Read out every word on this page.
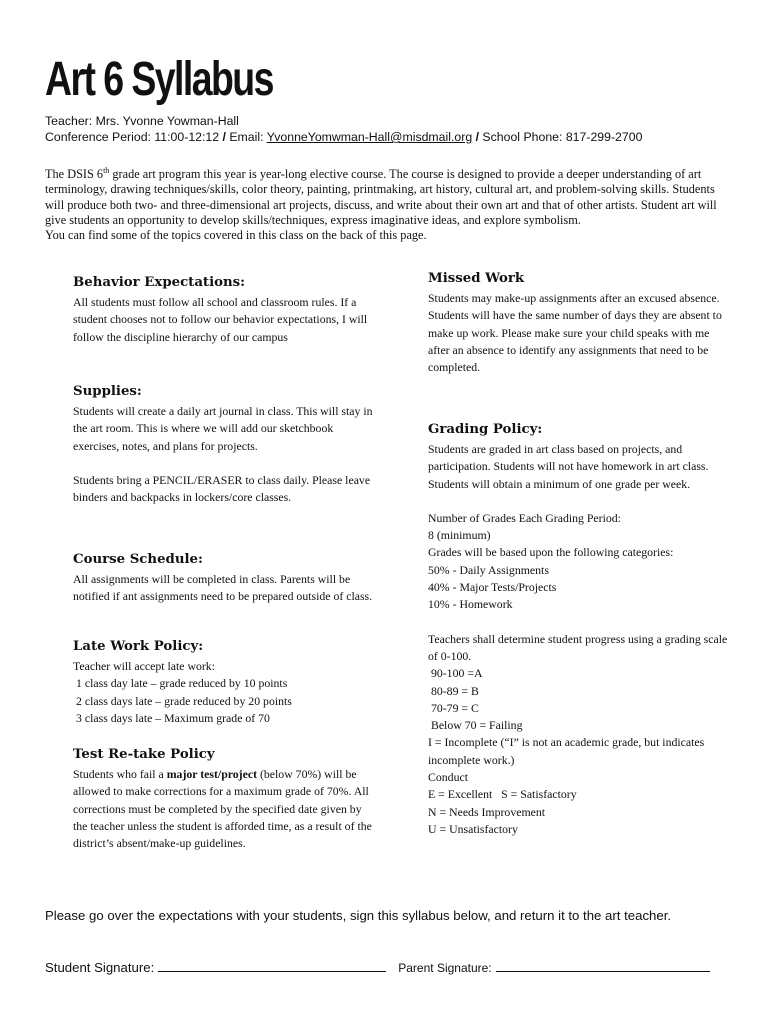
Art 6 Syllabus
Teacher: Mrs. Yvonne Yowman-Hall
Conference Period: 11:00-12:12 / Email: YvonneYomwman-Hall@misdmail.org / School Phone: 817-299-2700
The DSIS 6th grade art program this year is year-long elective course. The course is designed to provide a deeper understanding of art terminology, drawing techniques/skills, color theory, painting, printmaking, art history, cultural art, and problem-solving skills. Students will produce both two- and three-dimensional art projects, discuss, and write about their own art and that of other artists. Student art will give students an opportunity to develop skills/techniques, express imaginative ideas, and explore symbolism.
You can find some of the topics covered in this class on the back of this page.
Behavior Expectations:

All students must follow all school and classroom rules. If a student chooses not to follow our behavior expectations, I will follow the discipline hierarchy of our campus

Supplies:

Students will create a daily art journal in class. This will stay in the art room. This is where we will add our sketchbook exercises, notes, and plans for projects.

Students bring a PENCIL/ERASER to class daily. Please leave binders and backpacks in lockers/core classes.

Course Schedule:

All assignments will be completed in class. Parents will be notified if ant assignments need to be prepared outside of class.

Late Work Policy:

Teacher will accept late work:

1 class day late – grade reduced by 10 points

2 class days late – grade reduced by 20 points

3 class days late – Maximum grade of 70

Test Re-take Policy

Students who fail a major test/project (below 70%) will be allowed to make corrections for a maximum grade of 70%. All corrections must be completed by the specified date given by the teacher unless the student is afforded time, as a result of the district’s absent/make-up guidelines.

Missed Work

Students may make-up assignments after an excused absence. Students will have the same number of days they are absent to make up work. Please make sure your child speaks with me after an absence to identify any assignments that need to be completed.

Grading Policy:

Students are graded in art class based on projects, and participation. Students will not have homework in art class. Students will obtain a minimum of one grade per week.

Number of Grades Each Grading Period:

8 (minimum)

Grades will be based upon the following categories:

50% - Daily Assignments

40% - Major Tests/Projects

10% - Homework

Teachers shall determine student progress using a grading scale of 0-100.

90-100 =A

80-89 = B

70-79 = C

Below 70 = Failing

I = Incomplete (“I” is not an academic grade, but indicates incomplete work.)

Conduct

E = Excellent   S = Satisfactory

N = Needs Improvement

U = Unsatisfactory

Please go over the expectations with your students, sign this syllabus below, and return it to the art teacher.
Student Signature:	Parent Signature:
